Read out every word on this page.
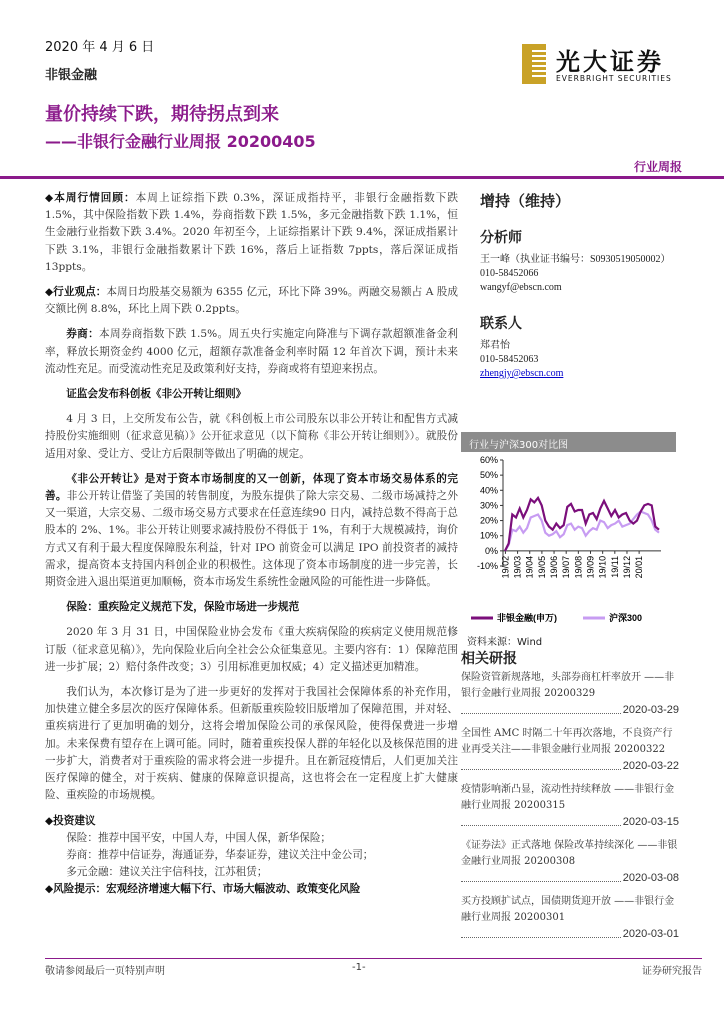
2020 年 4 月 6 日
非银金融
量价持续下跌，期待拐点到来
——非银行金融行业周报 20200405
行业周报
光大证券
EVERBRIGHT SECURITIES

◆本周行情回顾：本周上证综指下跌 0.3%，深证成指持平，非银行金融指数下跌 1.5%，其中保险指数下跌 1.4%，券商指数下跌 1.5%，多元金融指数下跌 1.1%，恒生金融行业指数下跌 3.4%。2020 年初至今，上证综指累计下跌 9.4%，深证成指累计下跌 3.1%，非银行金融指数累计下跌 16%，落后上证指数 7ppts，落后深证成指 13ppts。

◆行业观点：本周日均股基交易额为 6355 亿元，环比下降 39%。两融交易额占 A 股成交额比例 8.8%，环比上周下跌 0.2ppts。

券商：本周券商指数下跌 1.5%。周五央行实施定向降准与下调存款超额准备金利率，释放长期资金约 4000 亿元，超额存款准备金利率时隔 12 年首次下调，预计未来流动性充足。而受流动性充足及政策利好支持，券商或将有望迎来拐点。

证监会发布科创板《非公开转让细则》

4 月 3 日，上交所发布公告，就《科创板上市公司股东以非公开转让和配售方式减持股份实施细则（征求意见稿）》公开征求意见（以下简称《非公开转让细则》）。就股份适用对象、受让方、受让方后限制等做出了明确的规定。

《非公开转让》是对于资本市场制度的又一创新，体现了资本市场交易体系的完善。非公开转让借鉴了美国的转售制度，为股东提供了除大宗交易、二级市场减持之外又一渠道，大宗交易、二级市场交易方式要求在任意连续90 日内，减持总数不得高于总股本的 2%、1%。非公开转让则要求减持股份不得低于 1%，有利于大规模减持，询价方式又有利于最大程度保障股东利益，针对 IPO 前资金可以满足 IPO 前投资者的减持需求，提高资本支持国内科创企业的积极性。这体现了资本市场制度的进一步完善，长期资金进入退出渠道更加顺畅，资本市场发生系统性金融风险的可能性进一步降低。

保险：重疾险定义规范下发，保险市场进一步规范

2020 年 3 月 31 日，中国保险业协会发布《重大疾病保险的疾病定义使用规范修订版（征求意见稿）》，先向保险业后向全社会公众征集意见。主要内容有：1）保障范围进一步扩展；2）赔付条件改变；3）引用标准更加权威；4）定义描述更加精准。

我们认为，本次修订是为了进一步更好的发挥对于我国社会保障体系的补充作用，加快建立健全多层次的医疗保障体系。但新版重疾险较旧版增加了保障范围，并对轻、重疾病进行了更加明确的划分，这将会增加保险公司的承保风险，使得保费进一步增加。未来保费有望存在上调可能。同时，随着重疾投保人群的年轻化以及核保范围的进一步扩大，消费者对于重疾险的需求将会进一步提升。且在新冠疫情后，人们更加关注医疗保障的健全，对于疾病、健康的保障意识提高，这也将会在一定程度上扩大健康险、重疾险的市场规模。

◆投资建议

保险：推荐中国平安，中国人寿，中国人保，新华保险；

券商：推荐中信证券，海通证券，华泰证券，建议关注中金公司；

多元金融：建议关注宇信科技，江苏租赁；

◆风险提示：宏观经济增速大幅下行、市场大幅波动、政策变化风险

增持（维持）
分析师
王一峰（执业证书编号：S0930519050002）
010-58452066
wangyf@ebscn.com
联系人
郑君怡
010-58452063
zhengjy@ebscn.com
行业与沪深300对比图
60%
50%
40%
30%
20%
10%
0%
-10% 19/02 19/03 19/04 19/05 19/06 19/07 19/08 19/09 19/10 19/11 19/12 20/01
非银金融(申万)	沪深300
资料来源：Wind
相关研报
保险资管新规落地，头部券商杠杆率放开 ——非银行金融行业周报 20200329
2020-03-29
全国性 AMC 时隔二十年再次落地，不良资产行业再受关注——非银金融行业周报 20200322
2020-03-22
疫情影响渐凸显，流动性持续释放 ——非银行金融行业周报 20200315
2020-03-15
《证券法》正式落地 保险改革持续深化 ——非银金融行业周报 20200308
2020-03-08
买方投顾扩试点，国债期货迎开放 ——非银行金融行业周报 20200301
2020-03-01
敬请参阅最后一页特别声明	-1-	证券研究报告
